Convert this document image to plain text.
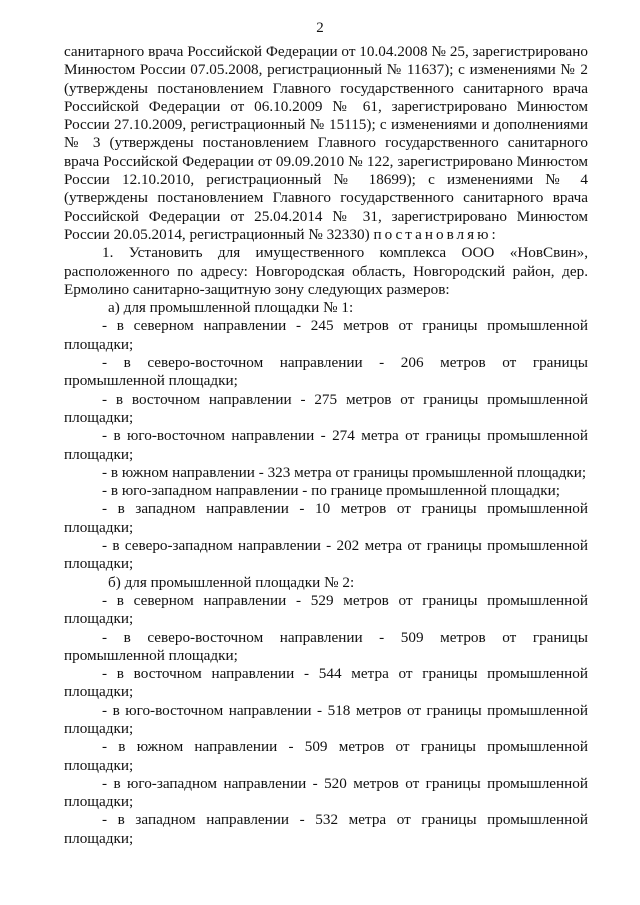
2

санитарного врача Российской Федерации от 10.04.2008 № 25, зарегистрировано Минюстом России 07.05.2008, регистрационный № 11637); с изменениями № 2 (утверждены постановлением Главного государственного санитарного врача Российской Федерации от 06.10.2009 № 61, зарегистрировано Минюстом России 27.10.2009, регистрационный № 15115); с изменениями и дополнениями № 3 (утверждены постановлением Главного государственного санитарного врача Российской Федерации от 09.09.2010 № 122, зарегистрировано Минюстом России 12.10.2010, регистрационный № 18699); с изменениями № 4 (утверждены постановлением Главного государственного санитарного врача Российской Федерации от 25.04.2014 № 31, зарегистрировано Минюстом России 20.05.2014, регистрационный № 32330) постановляю:

1. Установить для имущественного комплекса ООО «НовСвин», расположенного по адресу: Новгородская область, Новгородский район, дер. Ермолино санитарно-защитную зону следующих размеров:

а) для промышленной площадки № 1:

- в северном направлении - 245 метров от границы промышленной площадки;

- в северо-восточном направлении - 206 метров от границы промышленной площадки;

- в восточном направлении - 275 метров от границы промышленной площадки;

- в юго-восточном направлении - 274 метра от границы промышленной площадки;

- в южном направлении - 323 метра от границы промышленной площадки;

- в юго-западном направлении - по границе промышленной площадки;

- в западном направлении - 10 метров от границы промышленной площадки;

- в северо-западном направлении - 202 метра от границы промышленной площадки;

б) для промышленной площадки № 2:

- в северном направлении - 529 метров от границы промышленной площадки;

- в северо-восточном направлении - 509 метров от границы промышленной площадки;

- в восточном направлении - 544 метра от границы промышленной площадки;

- в юго-восточном направлении - 518 метров от границы промышленной площадки;

- в южном направлении - 509 метров от границы промышленной площадки;

- в юго-западном направлении - 520 метров от границы промышленной площадки;

- в западном направлении - 532 метра от границы промышленной площадки;
